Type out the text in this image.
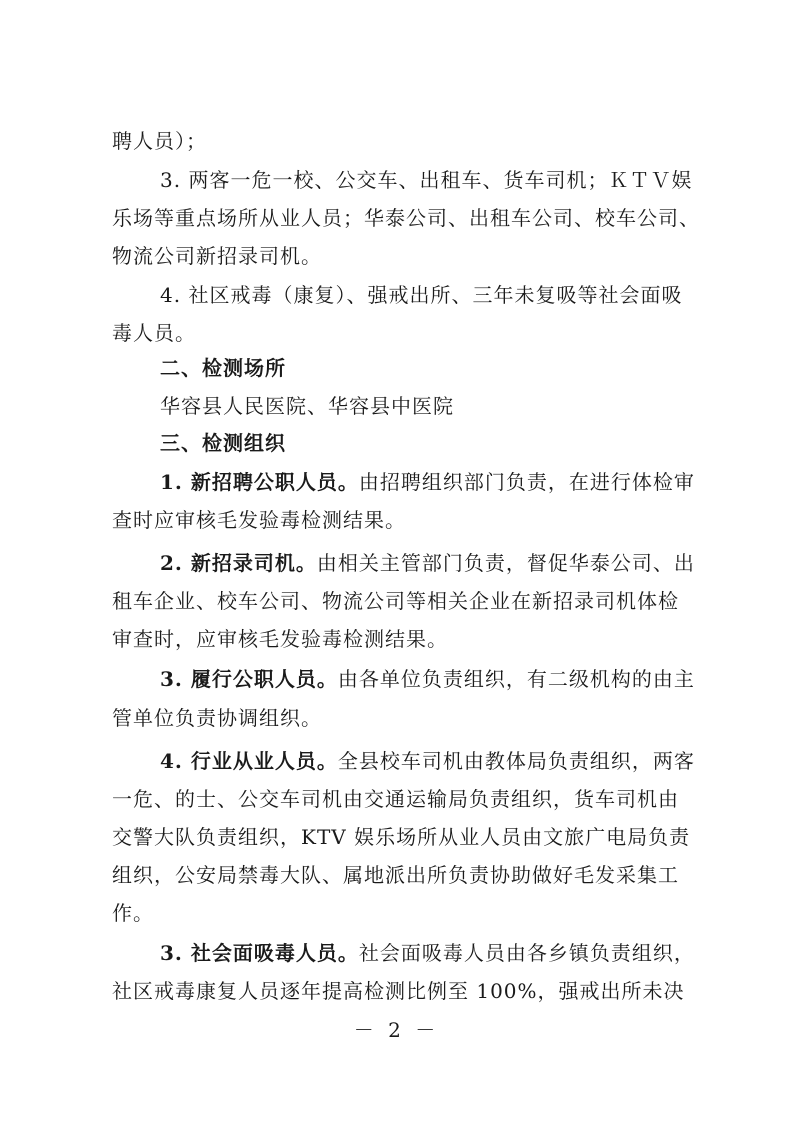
聘人员）；
3. 两客一危一校、公交车、出租车、货车司机；ＫＴＶ娱
乐场等重点场所从业人员；华泰公司、出租车公司、校车公司、
物流公司新招录司机。
4. 社区戒毒（康复）、强戒出所、三年未复吸等社会面吸
毒人员。
二、检测场所
华容县人民医院、华容县中医院
三、检测组织
1. 新招聘公职人员。由招聘组织部门负责，在进行体检审
查时应审核毛发验毒检测结果。
2. 新招录司机。由相关主管部门负责，督促华泰公司、出
租车企业、校车公司、物流公司等相关企业在新招录司机体检
审查时，应审核毛发验毒检测结果。
3. 履行公职人员。由各单位负责组织，有二级机构的由主
管单位负责协调组织。
4. 行业从业人员。全县校车司机由教体局负责组织，两客
一危、的士、公交车司机由交通运输局负责组织，货车司机由
交警大队负责组织，KTV 娱乐场所从业人员由文旅广电局负责
组织，公安局禁毒大队、属地派出所负责协助做好毛发采集工
作。
3. 社会面吸毒人员。社会面吸毒人员由各乡镇负责组织，
社区戒毒康复人员逐年提高检测比例至 100%，强戒出所未决
－ 2 －
